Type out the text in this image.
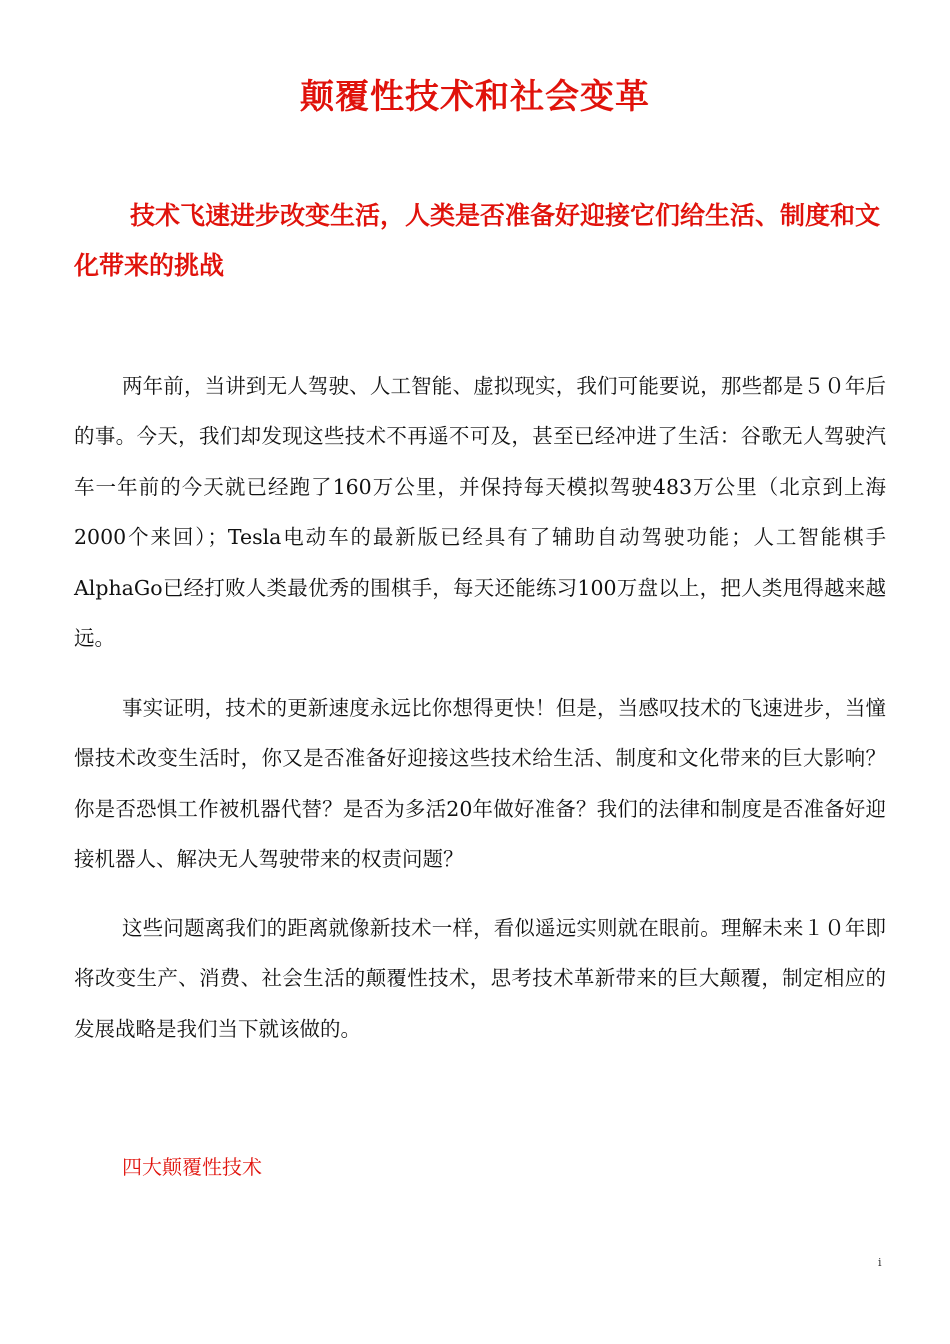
颠覆性技术和社会变革
技术飞速进步改变生活，人类是否准备好迎接它们给生活、制度和文化带来的挑战

两年前，当讲到无人驾驶、人工智能、虚拟现实，我们可能要说，那些都是５０年后的事。今天，我们却发现这些技术不再遥不可及，甚至已经冲进了生活：谷歌无人驾驶汽车一年前的今天就已经跑了160万公里，并保持每天模拟驾驶483万公里（北京到上海2000个来回）；Tesla电动车的最新版已经具有了辅助自动驾驶功能；人工智能棋手AlphaGo已经打败人类最优秀的围棋手，每天还能练习100万盘以上，把人类甩得越来越远。

事实证明，技术的更新速度永远比你想得更快！但是，当感叹技术的飞速进步，当憧憬技术改变生活时，你又是否准备好迎接这些技术给生活、制度和文化带来的巨大影响？你是否恐惧工作被机器代替？是否为多活20年做好准备？我们的法律和制度是否准备好迎接机器人、解决无人驾驶带来的权责问题？

这些问题离我们的距离就像新技术一样，看似遥远实则就在眼前。理解未来１０年即将改变生产、消费、社会生活的颠覆性技术，思考技术革新带来的巨大颠覆，制定相应的发展战略是我们当下就该做的。

四大颠覆性技术
i
